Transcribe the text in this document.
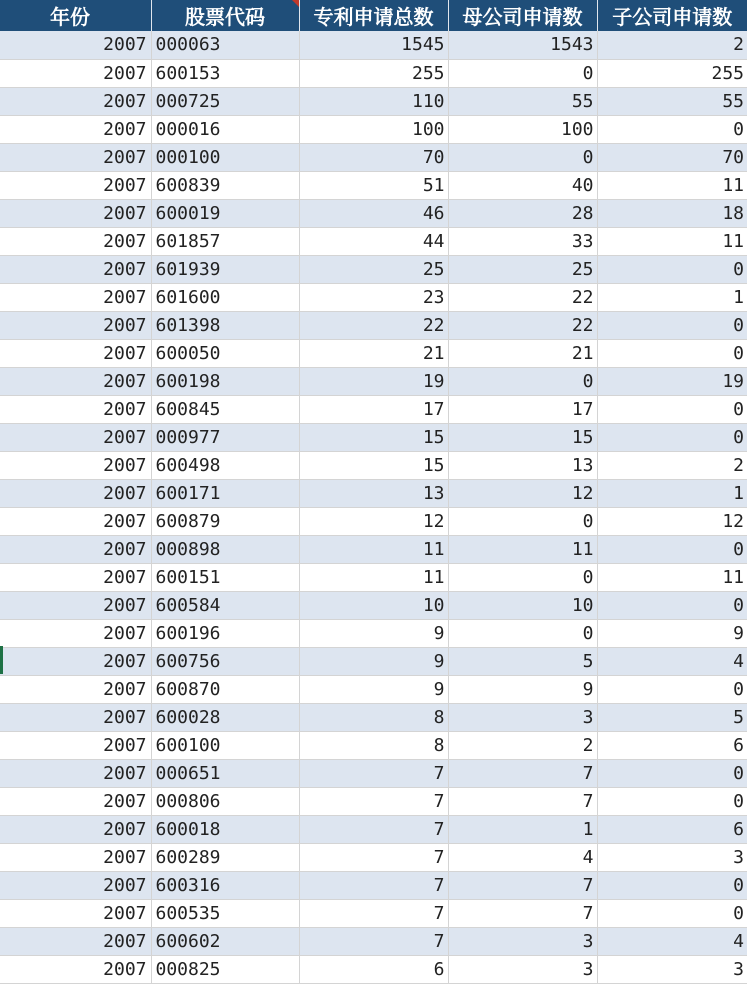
年份	股票代码	专利申请总数	母公司申请数	子公司申请数
2007	000063	1545	1543	2
2007	600153	255	0	255
2007	000725	110	55	55
2007	000016	100	100	0
2007	000100	70	0	70
2007	600839	51	40	11
2007	600019	46	28	18
2007	601857	44	33	11
2007	601939	25	25	0
2007	601600	23	22	1
2007	601398	22	22	0
2007	600050	21	21	0
2007	600198	19	0	19
2007	600845	17	17	0
2007	000977	15	15	0
2007	600498	15	13	2
2007	600171	13	12	1
2007	600879	12	0	12
2007	000898	11	11	0
2007	600151	11	0	11
2007	600584	10	10	0
2007	600196	9	0	9
2007	600756	9	5	4
2007	600870	9	9	0
2007	600028	8	3	5
2007	600100	8	2	6
2007	000651	7	7	0
2007	000806	7	7	0
2007	600018	7	1	6
2007	600289	7	4	3
2007	600316	7	7	0
2007	600535	7	7	0
2007	600602	7	3	4
2007	000825	6	3	3
